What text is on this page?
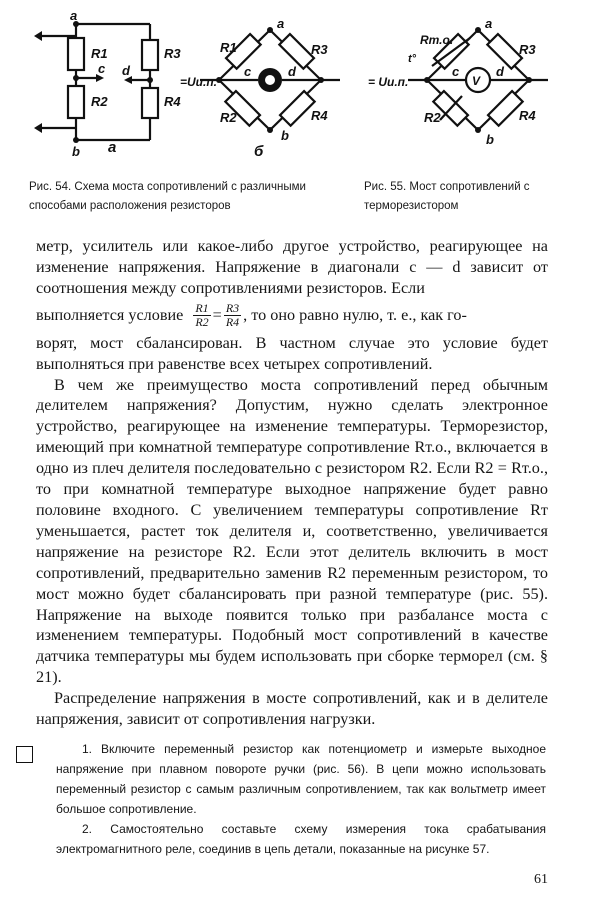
a
b
c d
R1
R2
R3
R4
a
a
b
c	d
R1
R2
R3
R4
=Uи.п.
б
V
a
b
c	d
Rт.о.
t°
R2
R3
R4
= Uи.п.
Рис. 54. Схема моста сопротивлений с различными способами расположения резисторов
Рис. 55. Мост сопротивлений с терморезистором

метр, усилитель или какое-либо другое устройство, реагирующее на изменение напряжения. Напряжение в диагонали c — d зависит от соотношения между сопротивлениями резисторов. Если

выполняется условие $\frac{R1}{R2} = \frac{R3}{R4}$ , то оно равно нулю, т. е., как го-

ворят, мост сбалансирован. В частном случае это условие будет выполняться при равенстве всех четырех сопротивлений.

В чем же преимущество моста сопротивлений перед обычным делителем напряжения? Допустим, нужно сделать электронное устройство, реагирующее на изменение температуры. Терморезистор, имеющий при комнатной температуре сопротивление Rт.о., включается в одно из плеч делителя последовательно с резистором R2. Если R2 = Rт.о., то при комнатной температуре выходное напряжение будет равно половине входного. С увеличением температуры сопротивление Rт уменьшается, растет ток делителя и, соответственно, увеличивается напряжение на резисторе R2. Если этот делитель включить в мост сопротивлений, предварительно заменив R2 переменным резистором, то мост можно будет сбалансировать при разной температуре (рис. 55). Напряжение на выходе появится только при разбалансе моста с изменением температуры. Подобный мост сопротивлений в качестве датчика температуры мы будем использовать при сборке терморел (см. § 21).

Распределение напряжения в мосте сопротивлений, как и в делителе напряжения, зависит от сопротивления нагрузки.

1. Включите переменный резистор как потенциометр и измерьте выходное напряжение при плавном повороте ручки (рис. 56). В цепи можно использовать переменный резистор с самым различным сопротивлением, так как вольтметр имеет большое сопротивление.

2. Самостоятельно составьте схему измерения тока срабатывания электромагнитного реле, соединив в цепь детали, показанные на рисунке 57.

61
